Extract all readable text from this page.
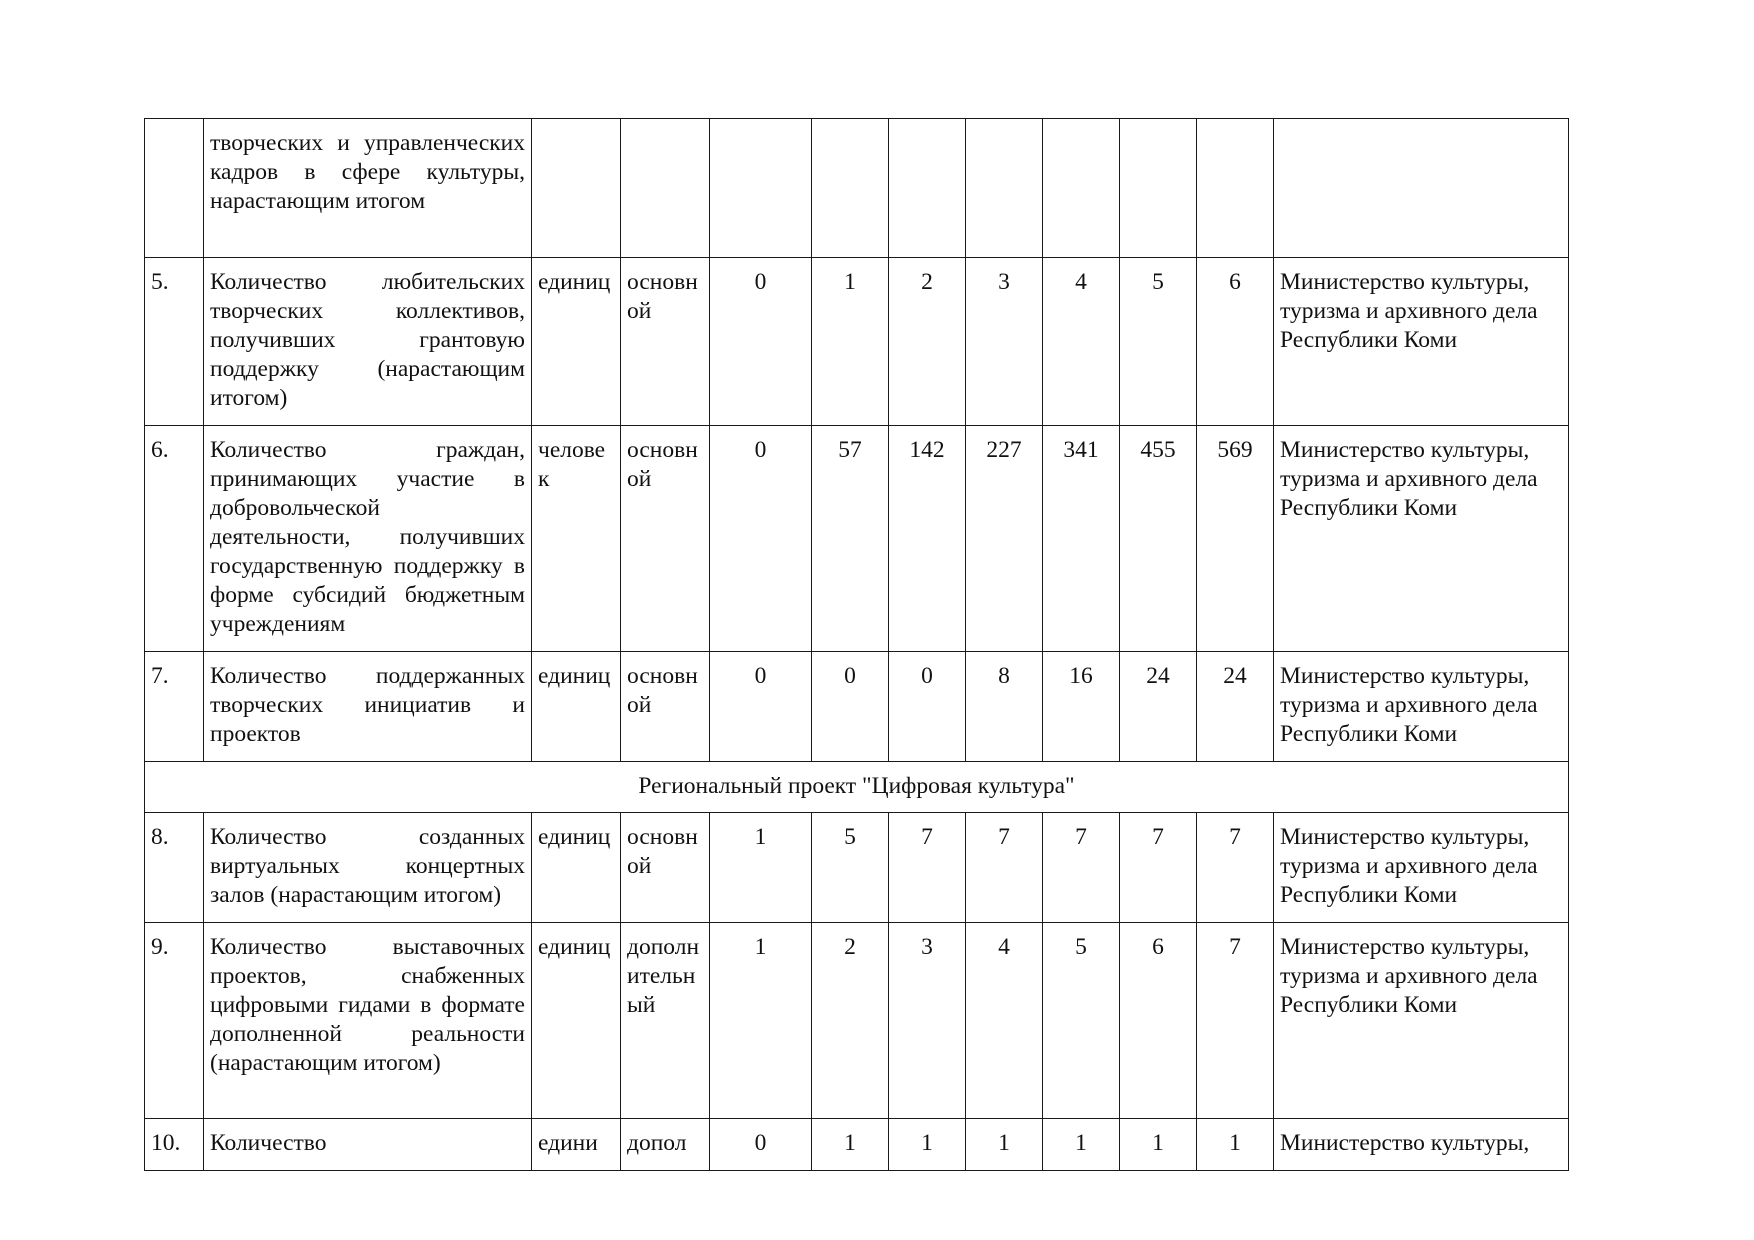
	творческих и управленческих кадров в сфере культуры, нарастающим итогом										
5.	Количество любительских творческих коллективов, получивших грантовую поддержку (нарастающим итогом)	единиц	основной	0	1	2	3	4	5	6	Министерство культуры, туризма и архивного дела Республики Коми
6.	Количество граждан, принимающих участие в добровольческой деятельности, получивших государственную поддержку в форме субсидий бюджетным учреждениям	человек	основной	0	57	142	227	341	455	569	Министерство культуры, туризма и архивного дела Республики Коми
7.	Количество поддержанных творческих инициатив и проектов	единиц	основной	0	0	0	8	16	24	24	Министерство культуры, туризма и архивного дела Республики Коми
Региональный проект "Цифровая культура"											
8.	Количество созданных виртуальных концертных залов (нарастающим итогом)	единиц	основной	1	5	7	7	7	7	7	Министерство культуры, туризма и архивного дела Республики Коми
9.	Количество выставочных проектов, снабженных цифровыми гидами в формате дополненной реальности (нарастающим итогом)	единиц	дополнительный	1	2	3	4	5	6	7	Министерство культуры, туризма и архивного дела Республики Коми
10.	Количество	едини	допол	0	1	1	1	1	1	1	Министерство культуры,
